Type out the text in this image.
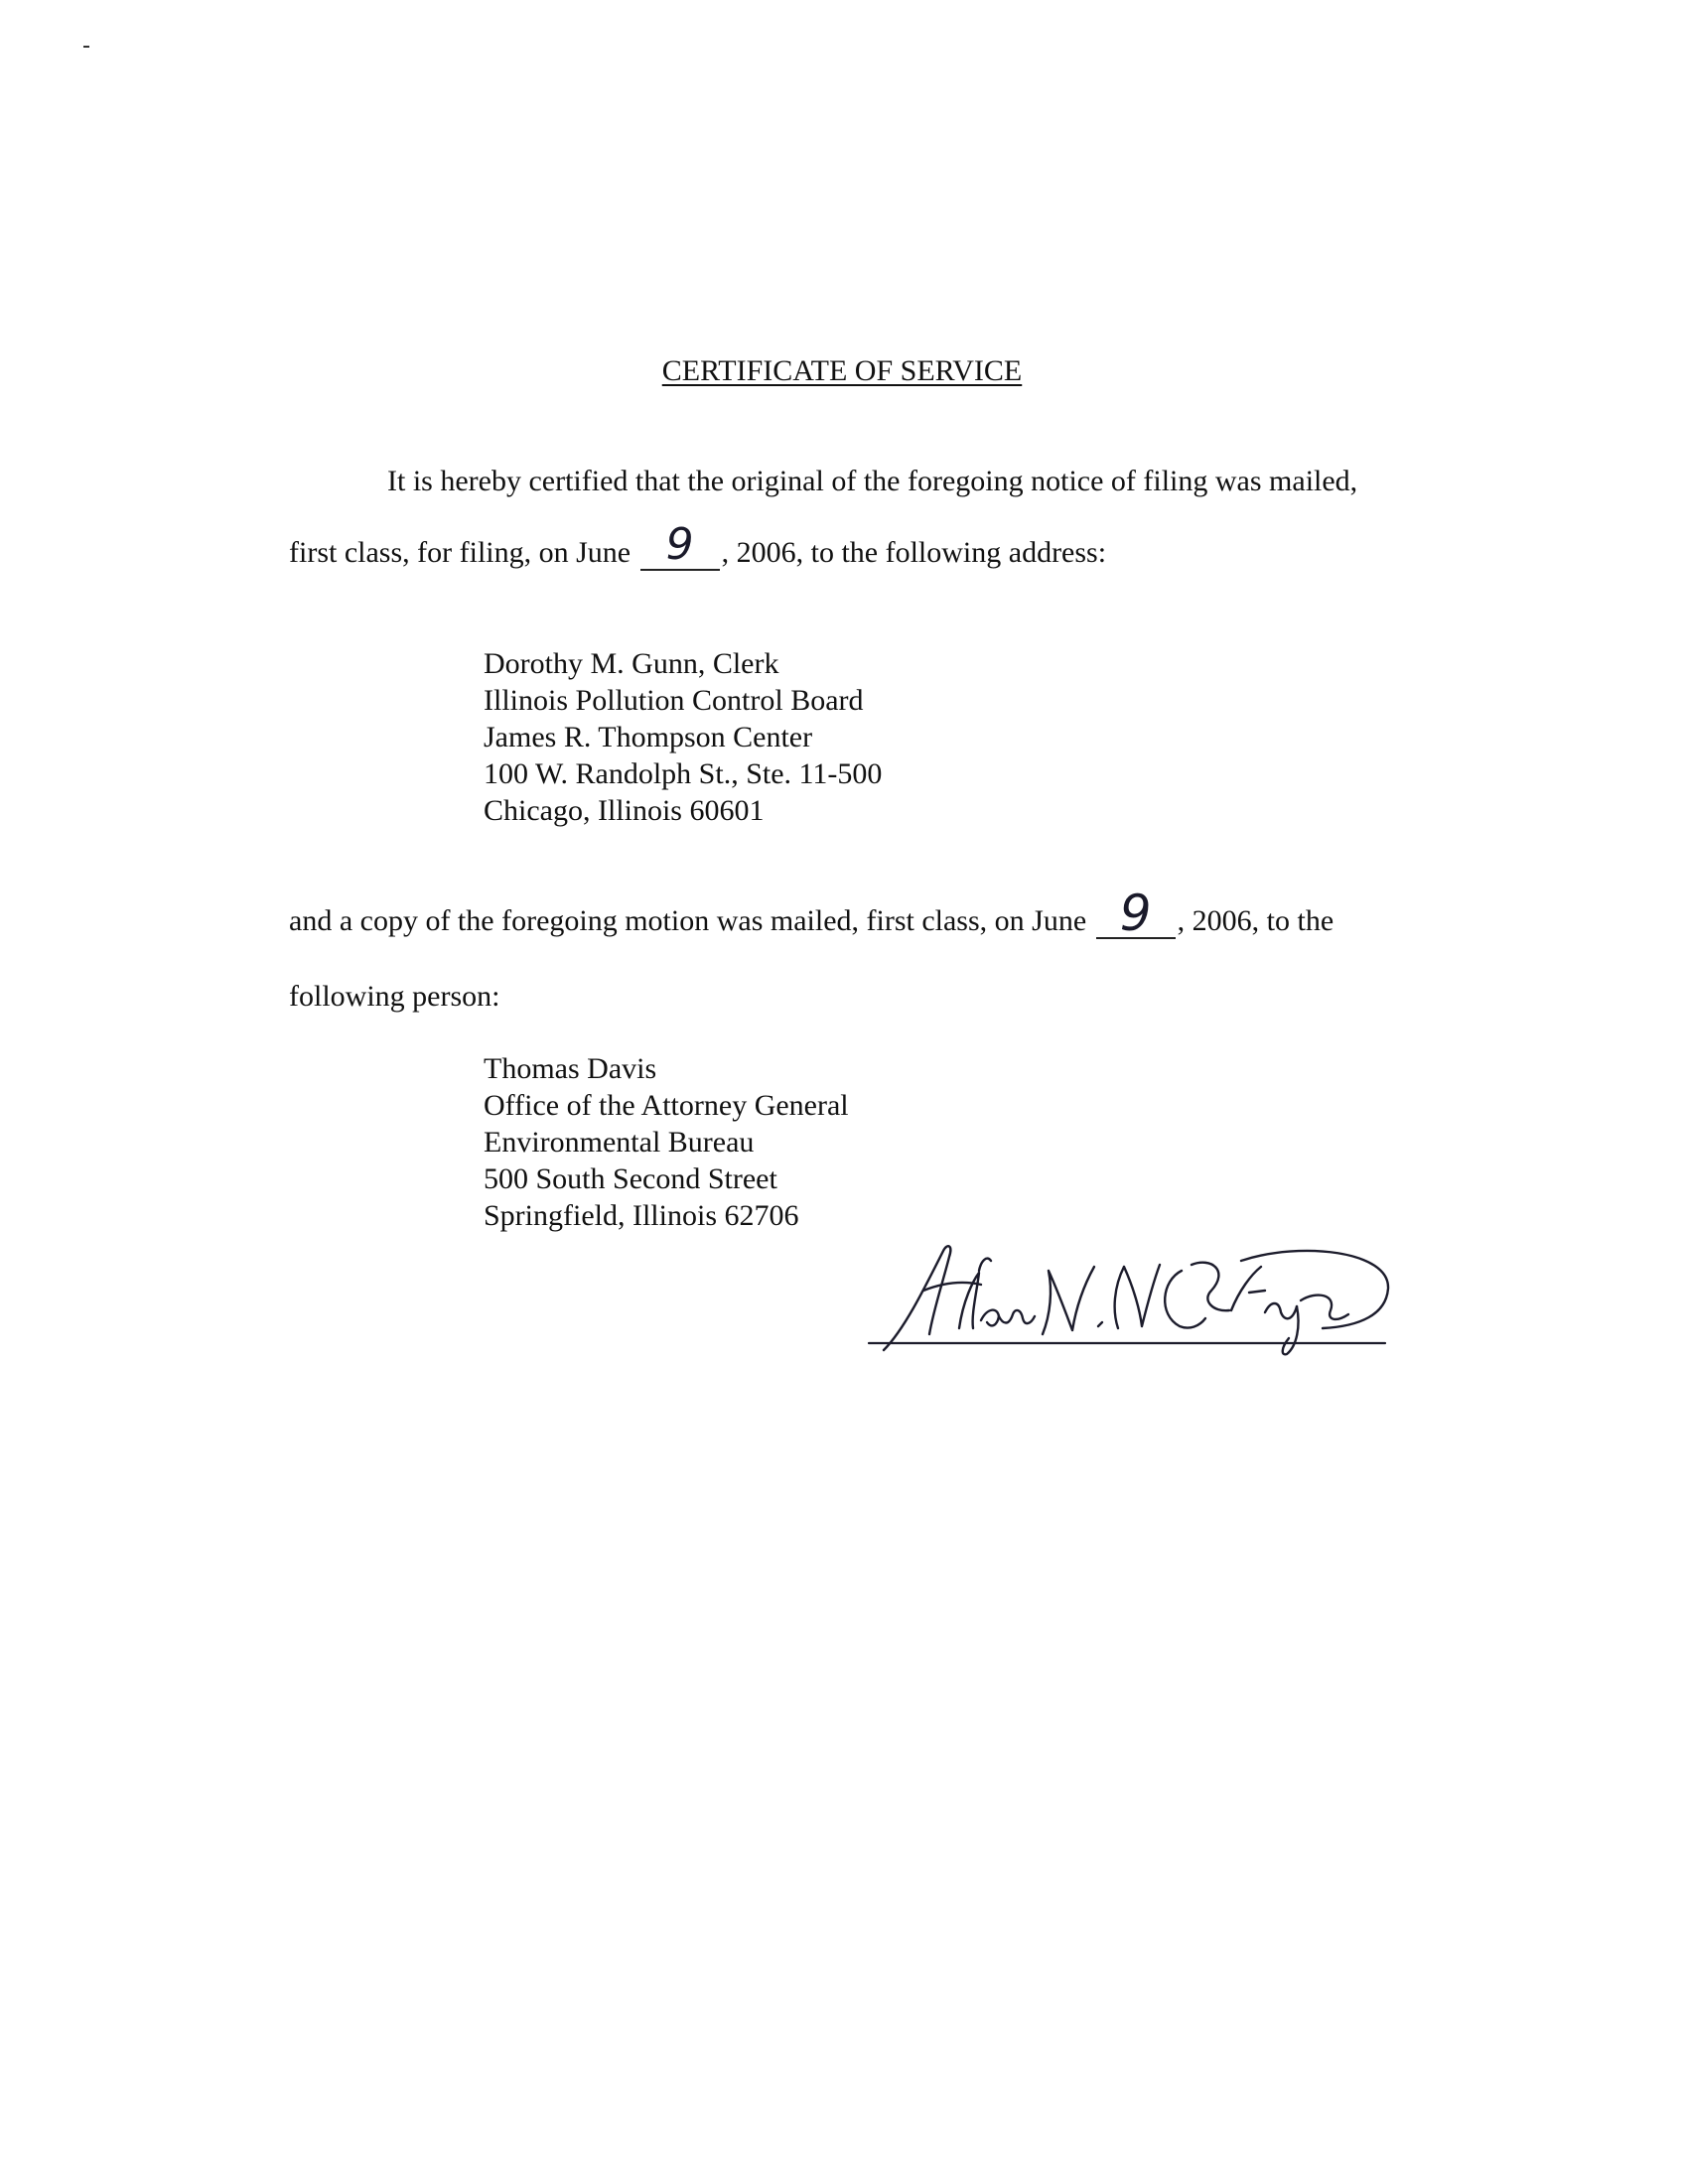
CERTIFICATE OF SERVICE
It is hereby certified that the original of the foregoing notice of filing was mailed,
first class, for filing, on June 9 , 2006, to the following address:
Dorothy M. Gunn, Clerk
Illinois Pollution Control Board
James R. Thompson Center
100 W. Randolph St., Ste. 11-500
Chicago, Illinois 60601
and a copy of the foregoing motion was mailed, first class, on June 9 , 2006, to the
following person:
Thomas Davis
Office of the Attorney General
Environmental Bureau
500 South Second Street
Springfield, Illinois 62706
